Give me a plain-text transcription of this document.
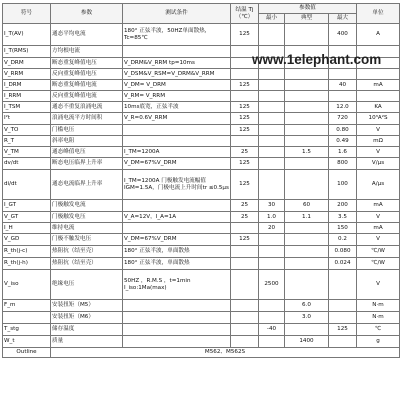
符号	参数	测试条件	结温 Tj（℃）	参数值			单位
				最小	典型	最大	
I_T(AV)	通态平均电流	180° 正弦半波，50HZ单面散热，Tc=85℃	125			400	A
I_T(RMS)	方均根电流						
V_DRM	断态重复峰值电压	V_DRM&V_RRM tp=10ms					
V_RRM	反向重复峰值电压	V_DSM&V_RSM=V_DRM&V_RRM					
I_DRM	断态重复峰值电流	V_DM= V_DRM	125			40	mA
I_RRM	反向重复峰值电流	V_RM= V_RRM					
I_TSM	通态不重复浪涌电流	10ms底宽，正弦半波	125			12.0	KA
I²t	浪涌电流平方时间积	V_R=0.6V_RRM	125			720	10³A²S
V_TO	门槛电压		125			0.80	V
R_T	斜率电阻					0.49	mΩ
V_TM	通态峰值电压	I_TM=1200A	25		1.5	1.6	V
dv/dt	断态电压临界上升率	V_DM=67%V_DRM	125			800	V/μs
di/dt	通态电流临界上升率	I_TM=1200A 门极触发电流幅值IGM=1.5A，门极电流上升时间tr ≤0.5μs	125			100	A/μs
I_GT	门极触发电流		25	30	60	200	mA
V_GT	门极触发电压	V_A=12V，I_A=1A	25	1.0	1.1	3.5	V
I_H	维持电流			20		150	mA
V_GD	门极不触发电压	V_DM=67%V_DRM	125			0.2	V
R_th(j-c)	热阻抗（结至壳）	180° 正弦半波，单面散热				0.080	℃/W
R_th(j-h)	热阻抗（结至壳）	180° 正弦半波，单面散热				0.024	℃/W
V_iso	绝缘电压	50HZ ，R.M.S ，t=1min I_iso:1Ma(max)		2500			V
F_m	安装扭矩（M5）				6.0		N·m
	安装扭矩（M6）				3.0		N·m
T_stg	储存温度			-40		125	℃
W_t	质量				1400		g
Outline	M562、M562S						
www.1elephant.com
